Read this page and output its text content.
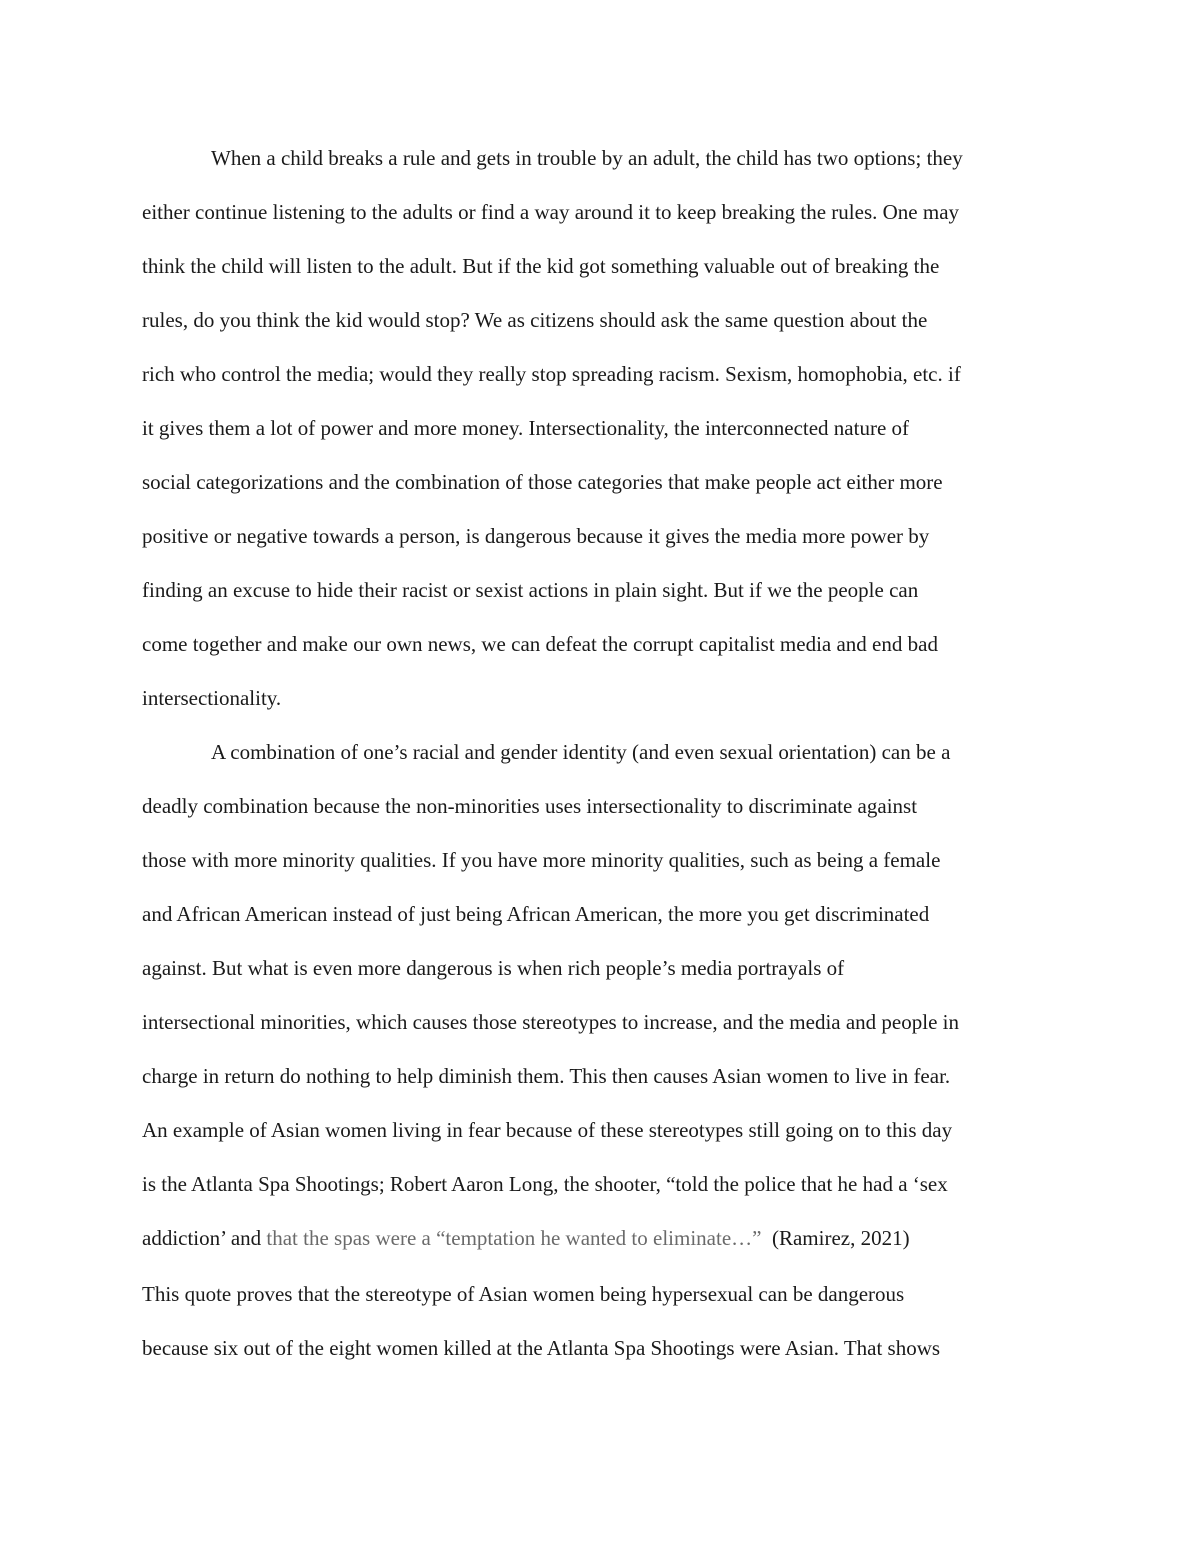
When a child breaks a rule and gets in trouble by an adult, the child has two options; they
either continue listening to the adults or find a way around it to keep breaking the rules. One may
think the child will listen to the adult. But if the kid got something valuable out of breaking the
rules, do you think the kid would stop? We as citizens should ask the same question about the
rich who control the media; would they really stop spreading racism. Sexism, homophobia, etc. if
it gives them a lot of power and more money. Intersectionality, the interconnected nature of
social categorizations and the combination of those categories that make people act either more
positive or negative towards a person, is dangerous because it gives the media more power by
finding an excuse to hide their racist or sexist actions in plain sight. But if we the people can
come together and make our own news, we can defeat the corrupt capitalist media and end bad
intersectionality.
A combination of one’s racial and gender identity (and even sexual orientation) can be a
deadly combination because the non-minorities uses intersectionality to discriminate against
those with more minority qualities. If you have more minority qualities, such as being a female
and African American instead of just being African American, the more you get discriminated
against. But what is even more dangerous is when rich people’s media portrayals of
intersectional minorities, which causes those stereotypes to increase, and the media and people in
charge in return do nothing to help diminish them. This then causes Asian women to live in fear.
An example of Asian women living in fear because of these stereotypes still going on to this day
is the Atlanta Spa Shootings; Robert Aaron Long, the shooter, “told the police that he had a ‘sex
addiction’ and that the spas were a “temptation he wanted to eliminate…”  (Ramirez, 2021)
This quote proves that the stereotype of Asian women being hypersexual can be dangerous
because six out of the eight women killed at the Atlanta Spa Shootings were Asian. That shows
